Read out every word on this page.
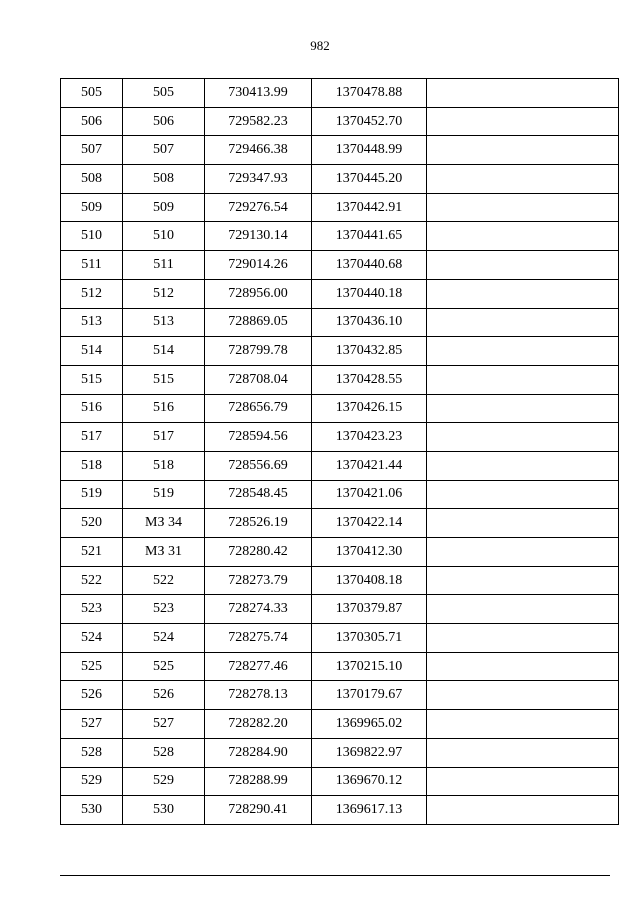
982
505	505	730413.99	1370478.88	
506	506	729582.23	1370452.70	
507	507	729466.38	1370448.99	
508	508	729347.93	1370445.20	
509	509	729276.54	1370442.91	
510	510	729130.14	1370441.65	
511	511	729014.26	1370440.68	
512	512	728956.00	1370440.18	
513	513	728869.05	1370436.10	
514	514	728799.78	1370432.85	
515	515	728708.04	1370428.55	
516	516	728656.79	1370426.15	
517	517	728594.56	1370423.23	
518	518	728556.69	1370421.44	
519	519	728548.45	1370421.06	
520	МЗ 34	728526.19	1370422.14	
521	МЗ 31	728280.42	1370412.30	
522	522	728273.79	1370408.18	
523	523	728274.33	1370379.87	
524	524	728275.74	1370305.71	
525	525	728277.46	1370215.10	
526	526	728278.13	1370179.67	
527	527	728282.20	1369965.02	
528	528	728284.90	1369822.97	
529	529	728288.99	1369670.12	
530	530	728290.41	1369617.13	
